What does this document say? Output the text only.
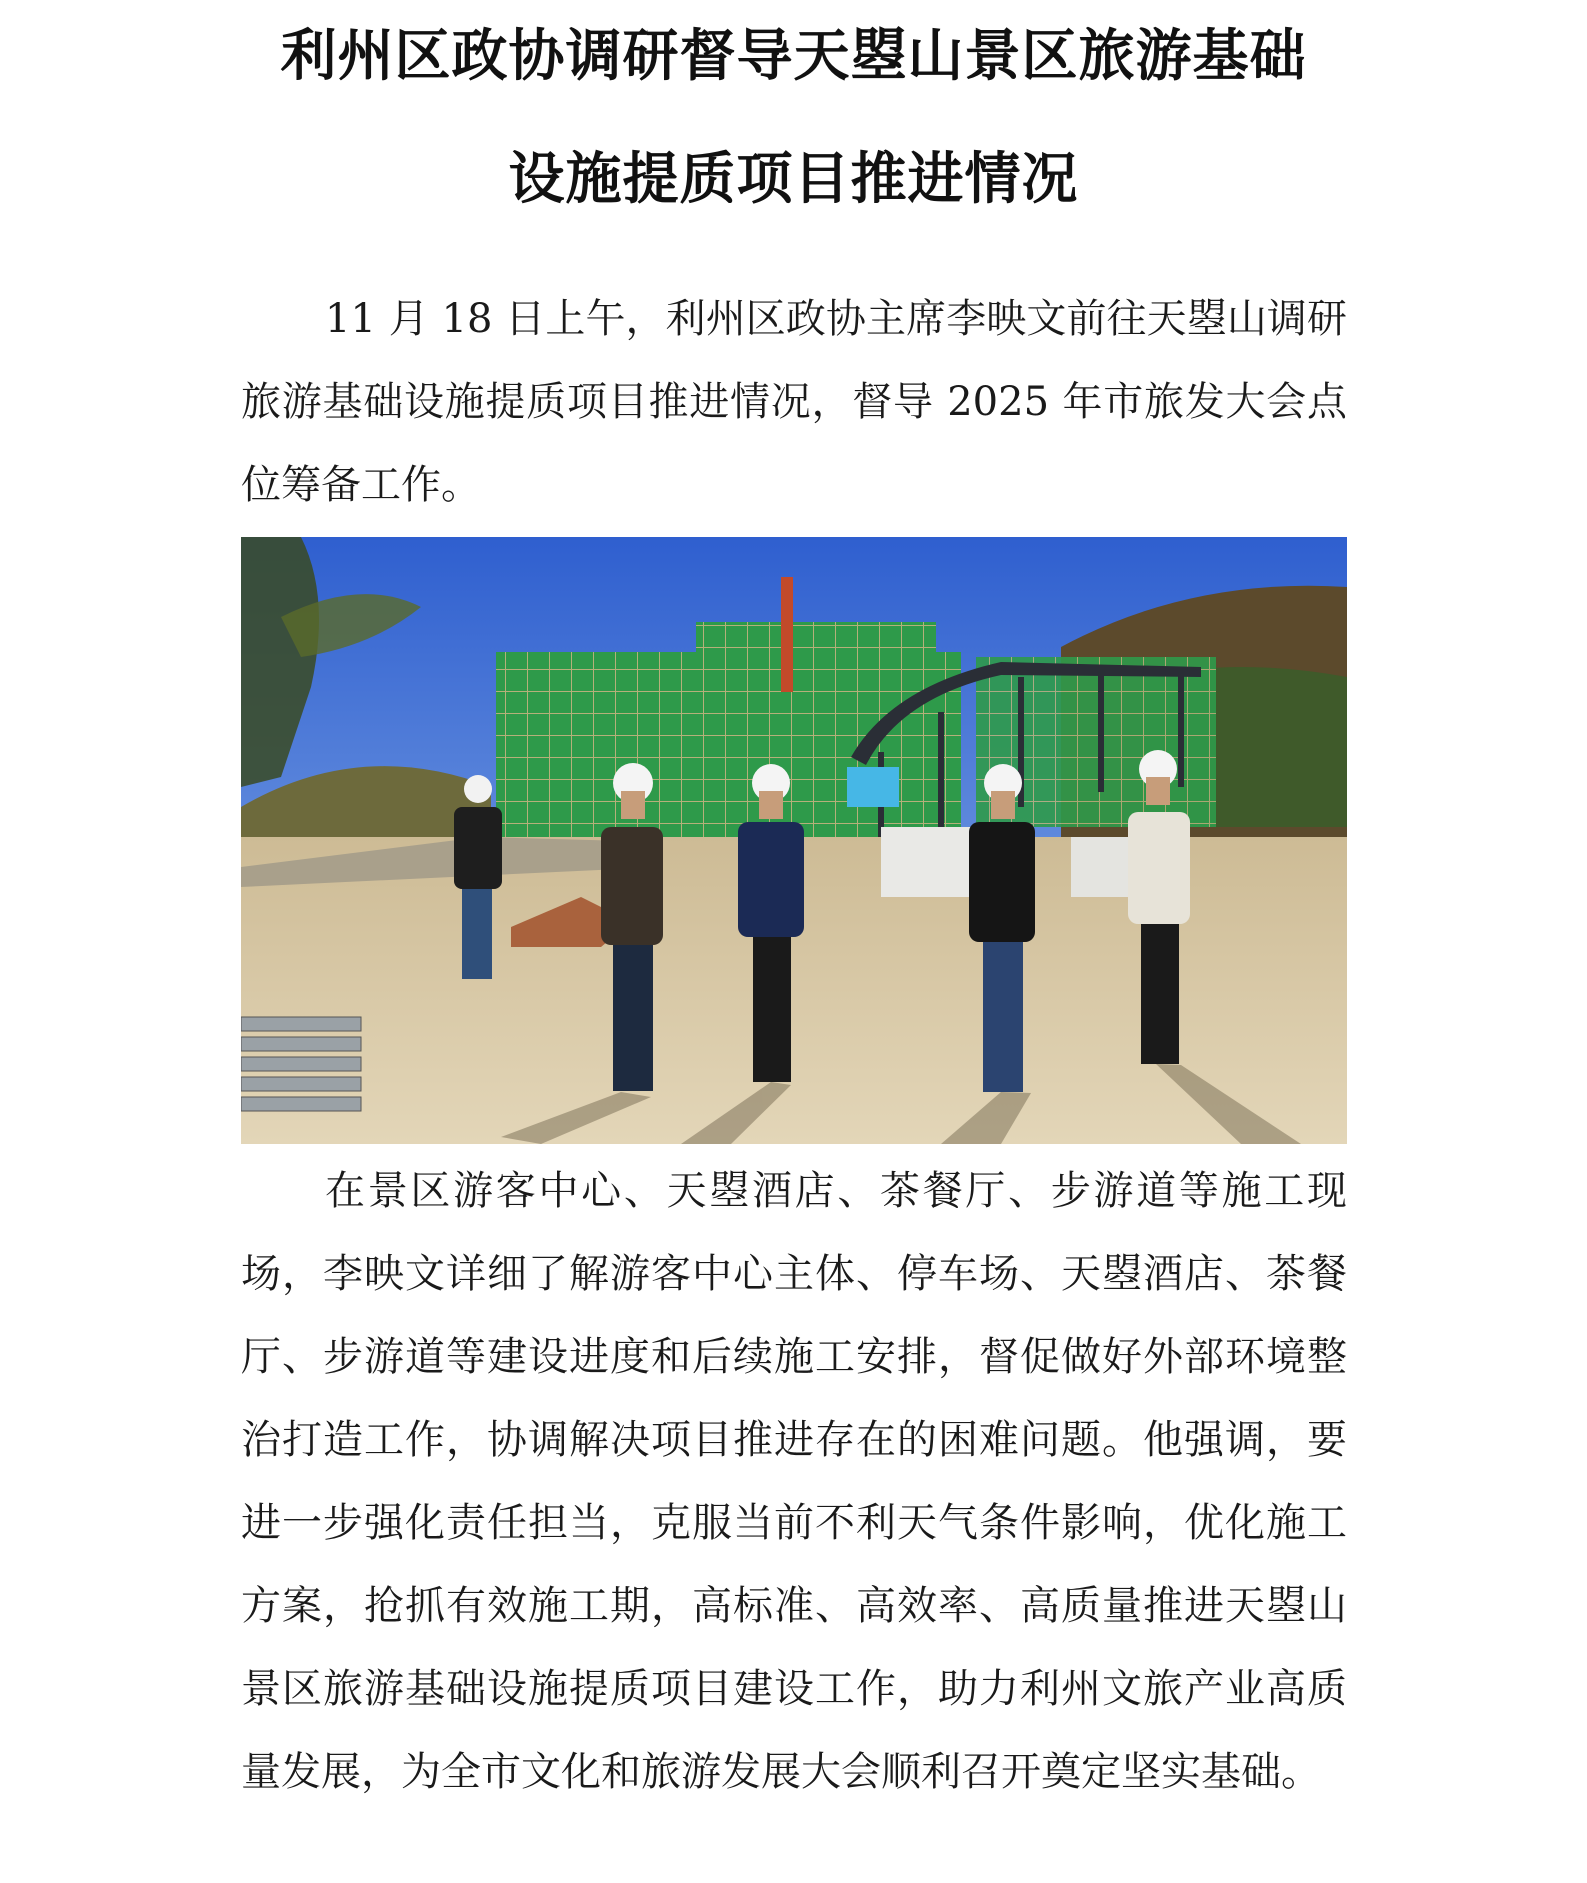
利州区政协调研督导天曌山景区旅游基础
设施提质项目推进情况

11 月 18 日上午，利州区政协主席李映文前往天曌山调研旅游基础设施提质项目推进情况，督导 2025 年市旅发大会点位筹备工作。

在景区游客中心、天曌酒店、茶餐厅、步游道等施工现场，李映文详细了解游客中心主体、停车场、天曌酒店、茶餐厅、步游道等建设进度和后续施工安排，督促做好外部环境整治打造工作，协调解决项目推进存在的困难问题。他强调，要进一步强化责任担当，克服当前不利天气条件影响，优化施工方案，抢抓有效施工期，高标准、高效率、高质量推进天曌山景区旅游基础设施提质项目建设工作，助力利州文旅产业高质量发展，为全市文化和旅游发展大会顺利召开奠定坚实基础。
